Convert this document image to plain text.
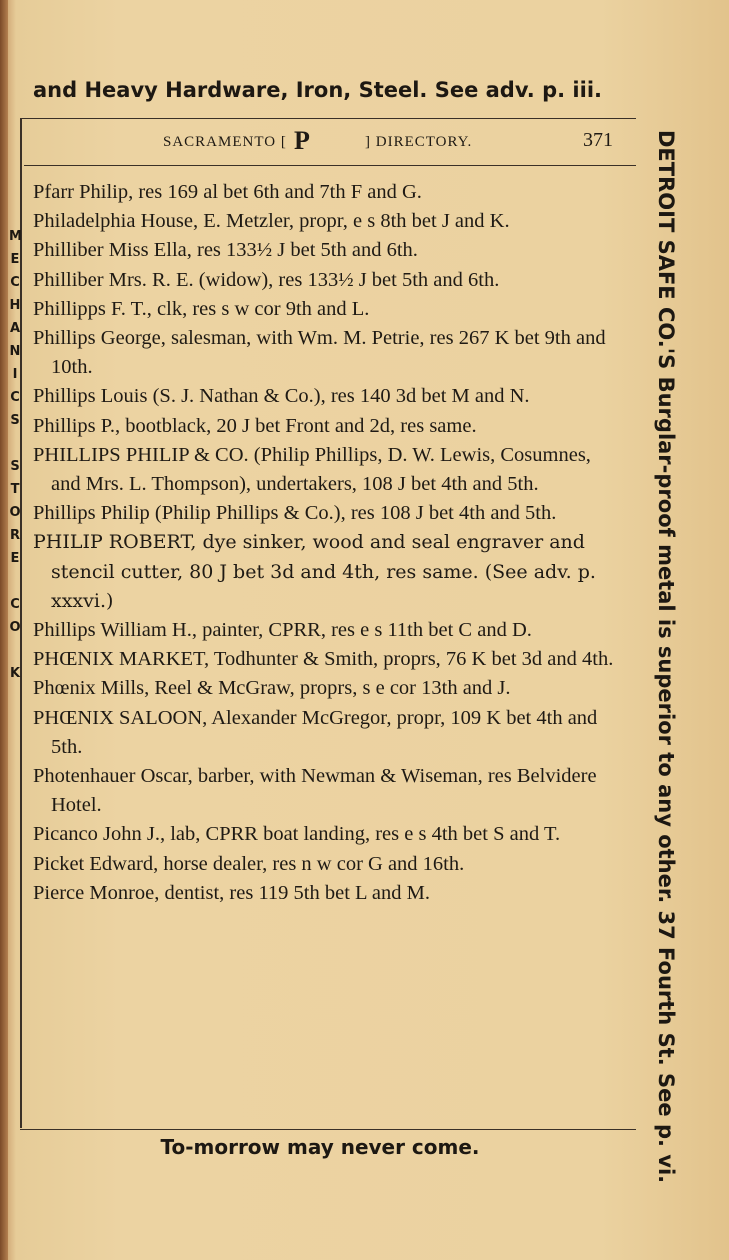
and Heavy Hardware, Iron, Steel. See adv. p. iii.
SACRAMENTO [ P	] DIRECTORY.	371
Pfarr Philip, res 169 al bet 6th and 7th F and G.
Philadelphia House, E. Metzler, propr, e s 8th bet J and K.
Philliber Miss Ella, res 133½ J bet 5th and 6th.
Philliber Mrs. R. E. (widow), res 133½ J bet 5th and 6th.
Phillipps F. T., clk, res s w cor 9th and L.
Phillips George, salesman, with Wm. M. Petrie, res 267 K bet 9th and 10th.
Phillips Louis (S. J. Nathan & Co.), res 140 3d bet M and N.
Phillips P., bootblack, 20 J bet Front and 2d, res same.
PHILLIPS PHILIP & CO. (Philip Phillips, D. W. Lewis, Cosumnes, and Mrs. L. Thompson), undertakers, 108 J bet 4th and 5th.
Phillips Philip (Philip Phillips & Co.), res 108 J bet 4th and 5th.
PHILIP ROBERT, dye sinker, wood and seal engraver and stencil cutter, 80 J bet 3d and 4th, res same. (See adv. p. xxxvi.)
Phillips William H., painter, CPRR, res e s 11th bet C and D.
PHŒNIX MARKET, Todhunter & Smith, proprs, 76 K bet 3d and 4th.
Phœnix Mills, Reel & McGraw, proprs, s e cor 13th and J.
PHŒNIX SALOON, Alexander McGregor, propr, 109 K bet 4th and 5th.
Photenhauer Oscar, barber, with Newman & Wiseman, res Belvidere Hotel.
Picanco John J., lab, CPRR boat landing, res e s 4th bet S and T.
Picket Edward, horse dealer, res n w cor G and 16th.
Pierce Monroe, dentist, res 119 5th bet L and M.
To-morrow may never come.	DETROIT SAFE CO.'S Burglar-proof metal is superior to any other. 37 Fourth St. See p. vi.
M
E
C
H
A
N
I
C
S

S
T
O
R
E

C
O

K
